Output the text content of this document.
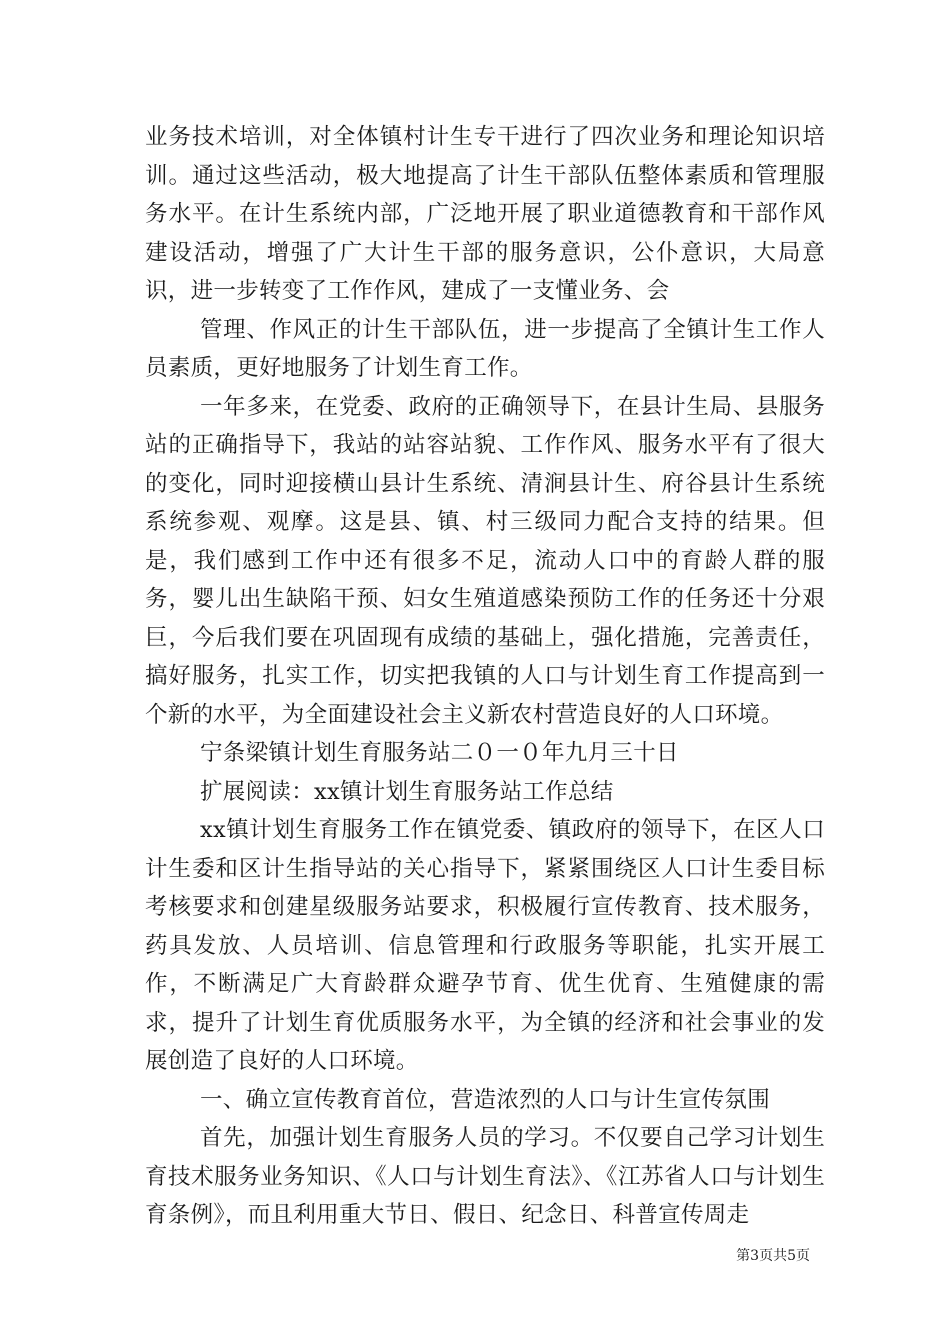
业务技术培训，对全体镇村计生专干进行了四次业务和理论知识培训。通过这些活动，极大地提高了计生干部队伍整体素质和管理服务水平。在计生系统内部，广泛地开展了职业道德教育和干部作风建设活动，增强了广大计生干部的服务意识，公仆意识，大局意识，进一步转变了工作作风，建成了一支懂业务、会

管理、作风正的计生干部队伍，进一步提高了全镇计生工作人员素质，更好地服务了计划生育工作。

一年多来，在党委、政府的正确领导下，在县计生局、县服务站的正确指导下，我站的站容站貌、工作作风、服务水平有了很大的变化，同时迎接横山县计生系统、清涧县计生、府谷县计生系统系统参观、观摩。这是县、镇、村三级同力配合支持的结果。但是，我们感到工作中还有很多不足，流动人口中的育龄人群的服务，婴儿出生缺陷干预、妇女生殖道感染预防工作的任务还十分艰巨，今后我们要在巩固现有成绩的基础上，强化措施，完善责任，搞好服务，扎实工作，切实把我镇的人口与计划生育工作提高到一个新的水平，为全面建设社会主义新农村营造良好的人口环境。

宁条梁镇计划生育服务站二０一０年九月三十日

扩展阅读：xx镇计划生育服务站工作总结

xx镇计划生育服务工作在镇党委、镇政府的领导下，在区人口计生委和区计生指导站的关心指导下，紧紧围绕区人口计生委目标考核要求和创建星级服务站要求，积极履行宣传教育、技术服务，药具发放、人员培训、信息管理和行政服务等职能，扎实开展工作，不断满足广大育龄群众避孕节育、优生优育、生殖健康的需求，提升了计划生育优质服务水平，为全镇的经济和社会事业的发展创造了良好的人口环境。

一、确立宣传教育首位，营造浓烈的人口与计生宣传氛围

首先，加强计划生育服务人员的学习。不仅要自己学习计划生育技术服务业务知识、《人口与计划生育法》、《江苏省人口与计划生育条例》，而且利用重大节日、假日、纪念日、科普宣传周走

第3页共5页
